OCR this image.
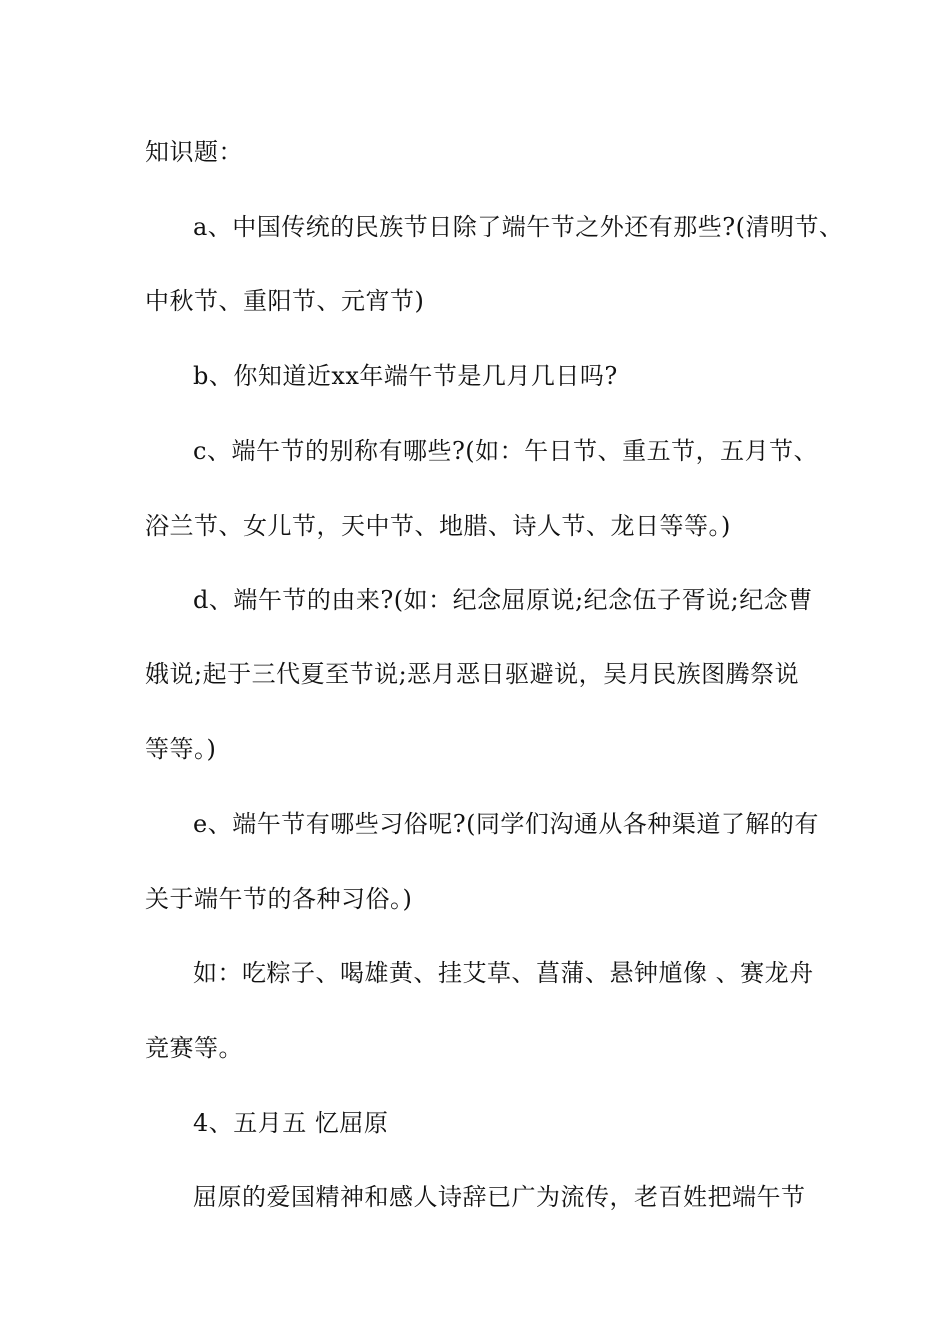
知识题：
a、中国传统的民族节日除了端午节之外还有那些?(清明节、
中秋节、重阳节、元宵节)
b、你知道近xx年端午节是几月几日吗?
c、端午节的别称有哪些?(如：午日节、重五节，五月节、
浴兰节、女儿节，天中节、地腊、诗人节、龙日等等。)
d、端午节的由来?(如：纪念屈原说;纪念伍子胥说;纪念曹
娥说;起于三代夏至节说;恶月恶日驱避说，吴月民族图腾祭说
等等。)
e、端午节有哪些习俗呢?(同学们沟通从各种渠道了解的有
关于端午节的各种习俗。)
如：吃粽子、喝雄黄、挂艾草、菖蒲、悬钟馗像 、赛龙舟
竞赛等。
4、五月五 忆屈原
屈原的爱国精神和感人诗辞已广为流传，老百姓把端午节
